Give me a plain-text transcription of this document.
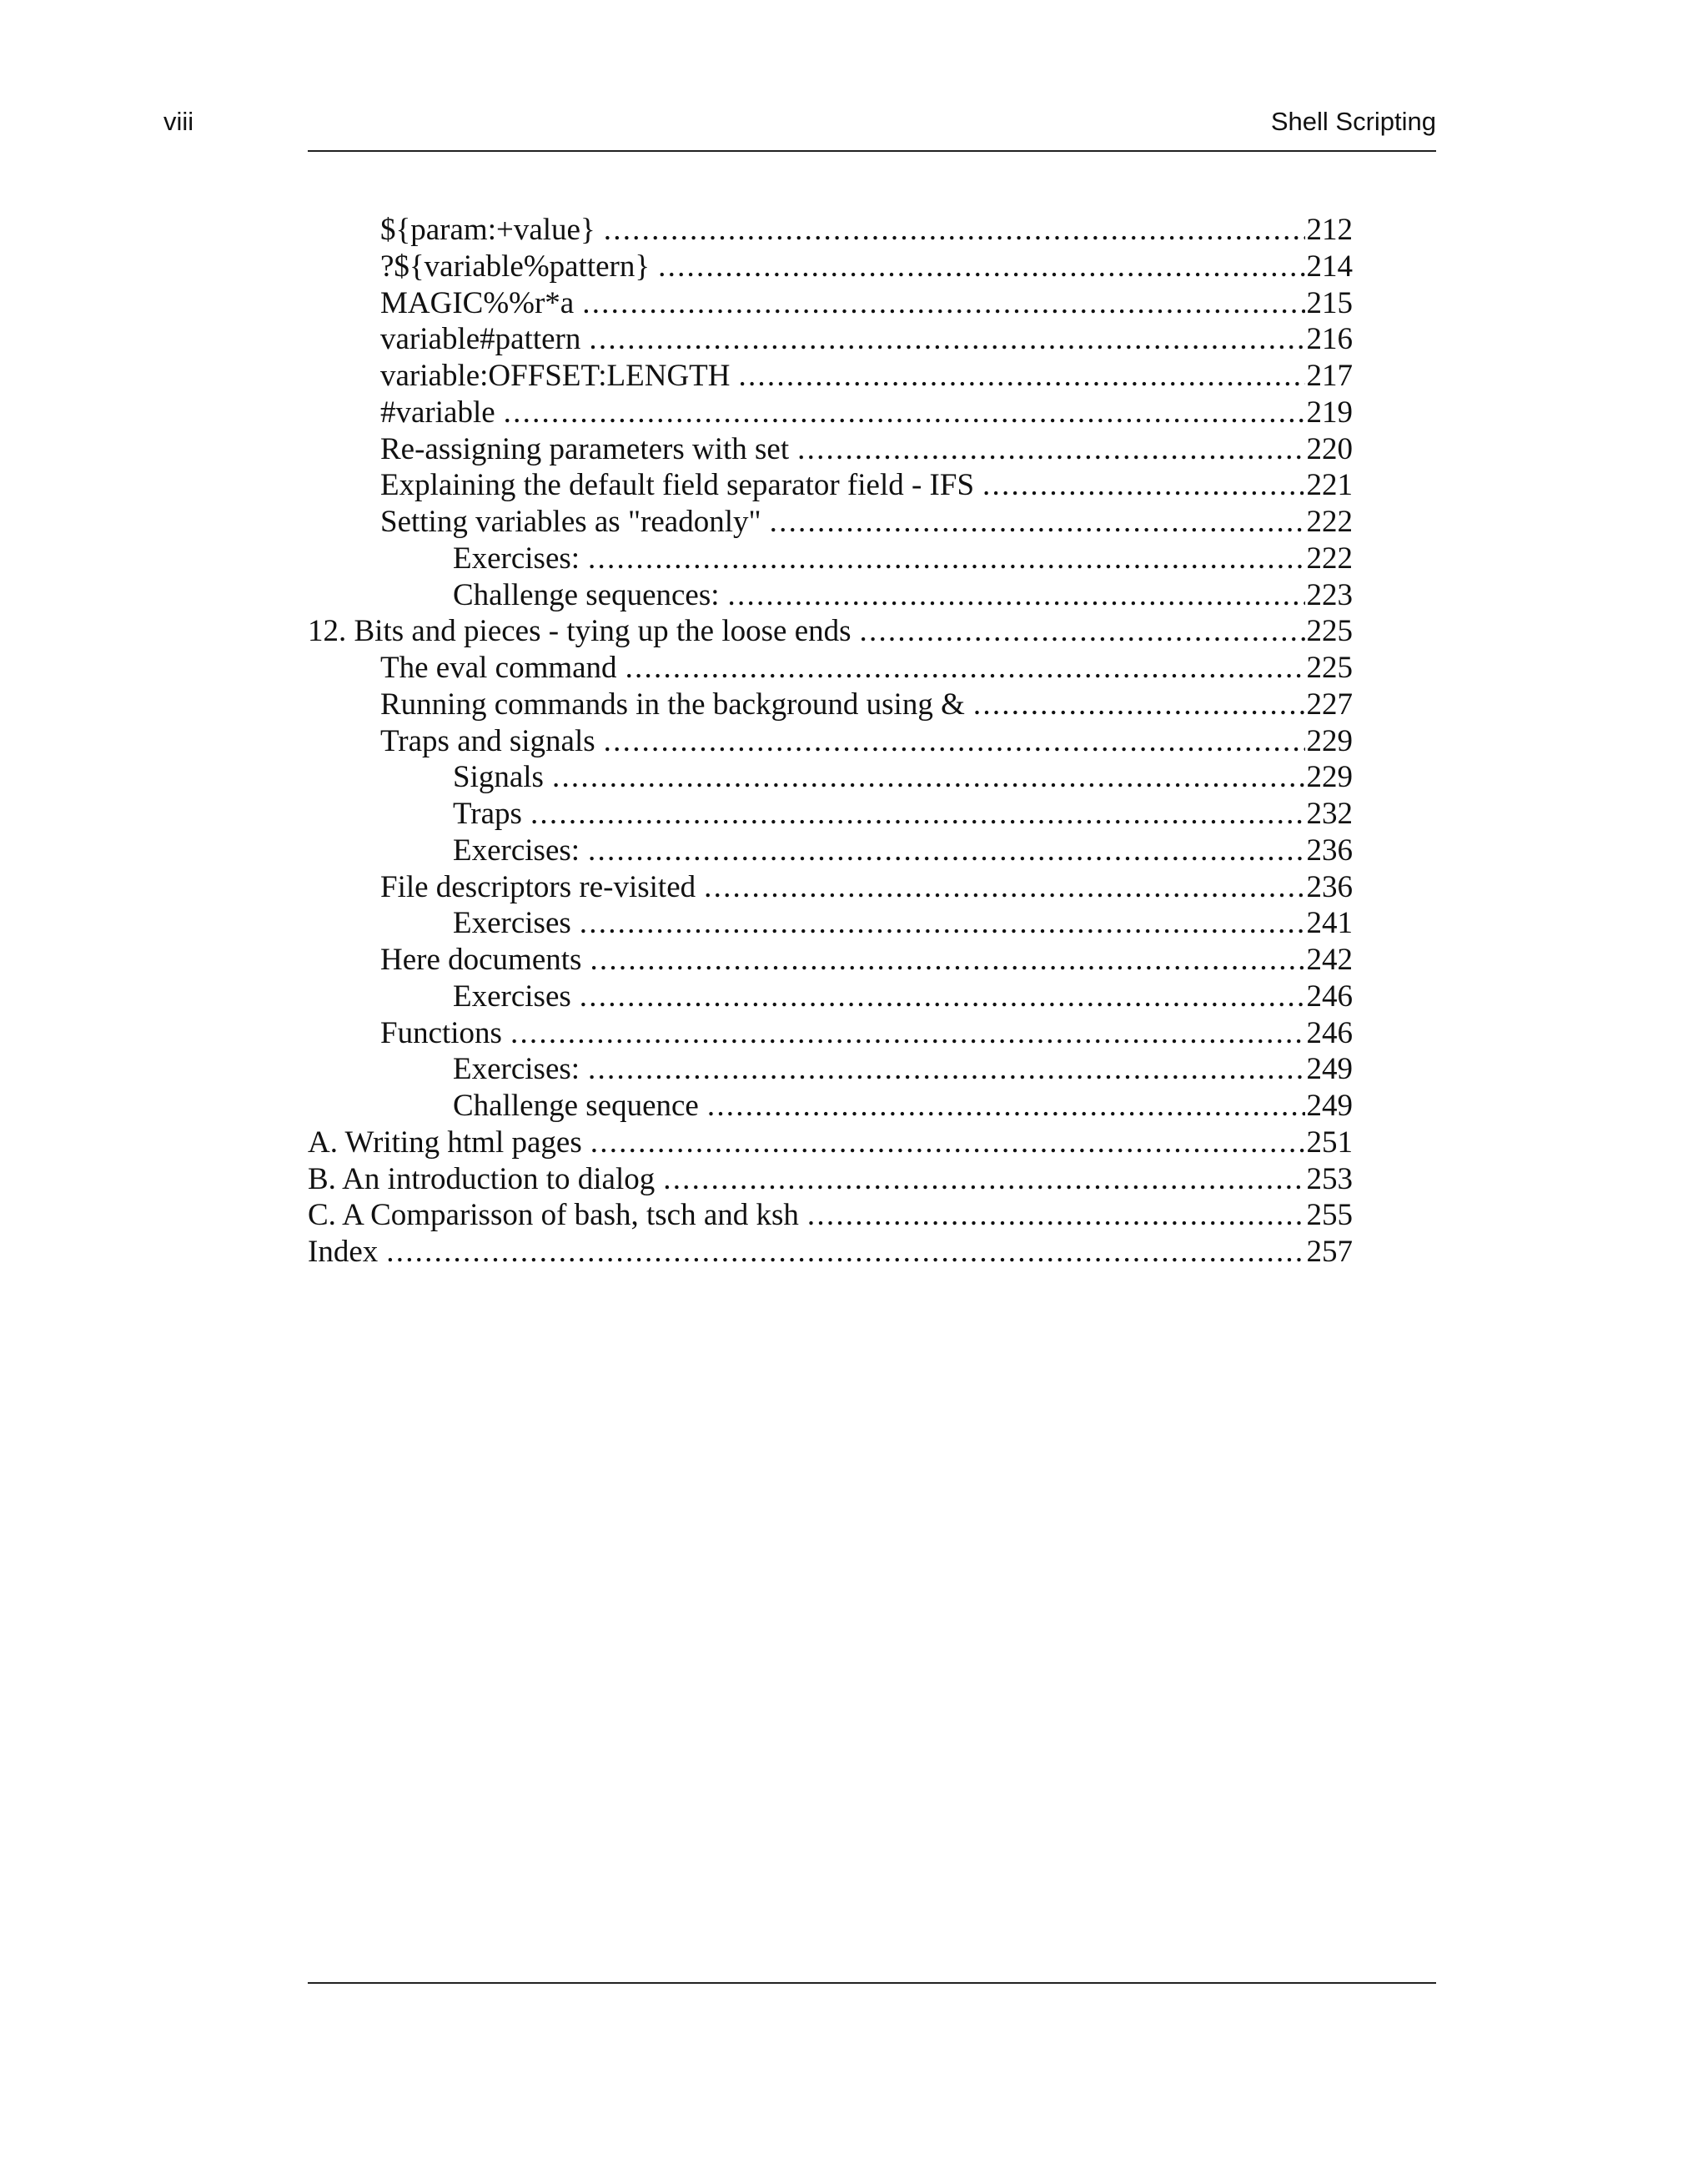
viii	Shell Scripting
${param:+value} .....	212
?${variable%pattern} .....	214
MAGIC%%r*a .....	215
variable#pattern .....	216
variable:OFFSET:LENGTH .....	217
#variable .....	219
Re-assigning parameters with set .....	220
Explaining the default field separator field - IFS .....	221
Setting variables as "readonly" .....	222
Exercises: .....	222
Challenge sequences: .....	223
12. Bits and pieces - tying up the loose ends .....	225
The eval command .....	225
Running commands in the background using & .....	227
Traps and signals .....	229
Signals .....	229
Traps .....	232
Exercises: .....	236
File descriptors re-visited .....	236
Exercises .....	241
Here documents .....	242
Exercises .....	246
Functions .....	246
Exercises: .....	249
Challenge sequence .....	249
A. Writing html pages .....	251
B. An introduction to dialog .....	253
C. A Comparisson of bash, tsch and ksh .....	255
Index .....	257
